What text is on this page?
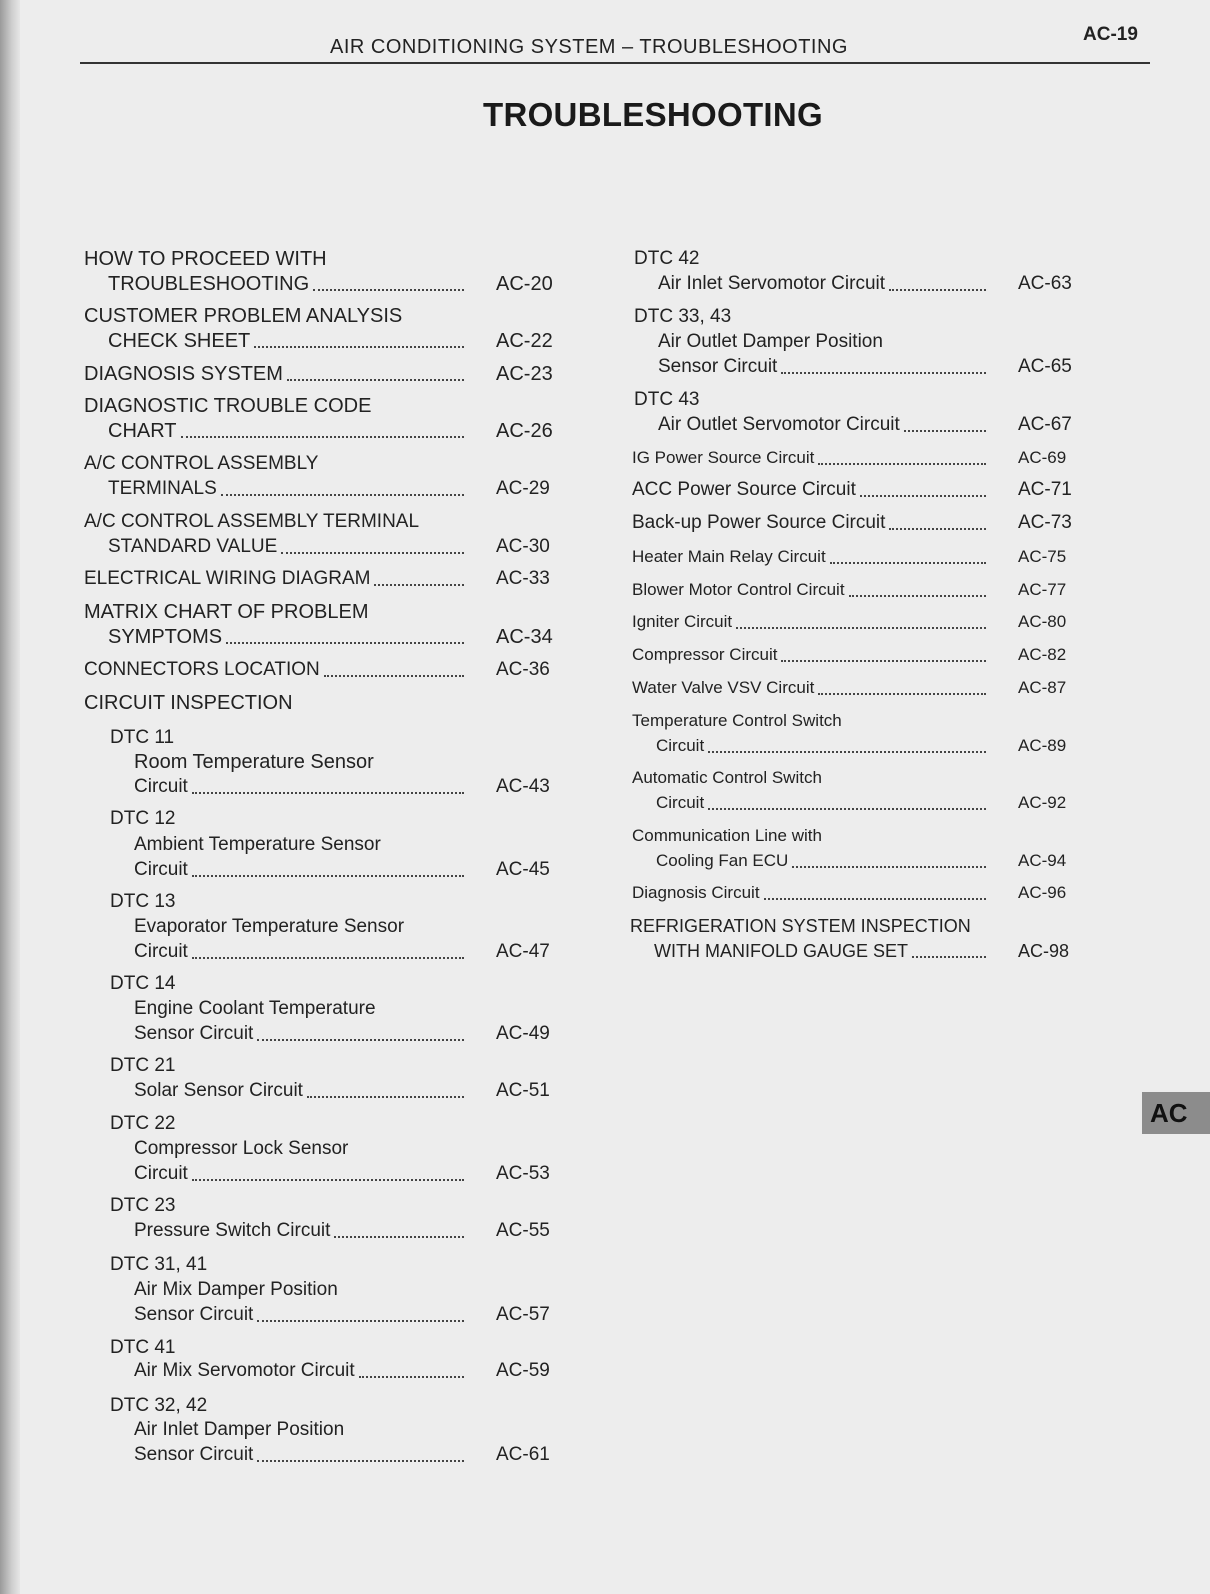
AIR CONDITIONING SYSTEM – TROUBLESHOOTING
AC-19
TROUBLESHOOTING
HOW TO PROCEED WITH
TROUBLESHOOTING	AC-20
CUSTOMER PROBLEM ANALYSIS
CHECK SHEET	AC-22
DIAGNOSIS SYSTEM	AC-23
DIAGNOSTIC TROUBLE CODE
CHART	AC-26
A/C CONTROL ASSEMBLY
TERMINALS	AC-29
A/C CONTROL ASSEMBLY TERMINAL
STANDARD VALUE	AC-30
ELECTRICAL WIRING DIAGRAM	AC-33
MATRIX CHART OF PROBLEM
SYMPTOMS	AC-34
CONNECTORS LOCATION	AC-36
CIRCUIT INSPECTION
DTC 11
Room Temperature Sensor
Circuit	AC-43
DTC 12
Ambient Temperature Sensor
Circuit	AC-45
DTC 13
Evaporator Temperature Sensor
Circuit	AC-47
DTC 14
Engine Coolant Temperature
Sensor Circuit	AC-49
DTC 21
Solar Sensor Circuit	AC-51
DTC 22
Compressor Lock Sensor
Circuit	AC-53
DTC 23
Pressure Switch Circuit	AC-55
DTC 31, 41
Air Mix Damper Position
Sensor Circuit	AC-57
DTC 41
Air Mix Servomotor Circuit	AC-59
DTC 32, 42
Air Inlet Damper Position
Sensor Circuit	AC-61
DTC 42
Air Inlet Servomotor Circuit	AC-63
DTC 33, 43
Air Outlet Damper Position
Sensor Circuit	AC-65
DTC 43
Air Outlet Servomotor Circuit	AC-67
IG Power Source Circuit	AC-69
ACC Power Source Circuit	AC-71
Back-up Power Source Circuit	AC-73
Heater Main Relay Circuit	AC-75
Blower Motor Control Circuit	AC-77
Igniter Circuit	AC-80
Compressor Circuit	AC-82
Water Valve VSV Circuit	AC-87
Temperature Control Switch
Circuit	AC-89
Automatic Control Switch
Circuit	AC-92
Communication Line with
Cooling Fan ECU	AC-94
Diagnosis Circuit	AC-96
REFRIGERATION SYSTEM INSPECTION
WITH MANIFOLD GAUGE SET	AC-98
AC
